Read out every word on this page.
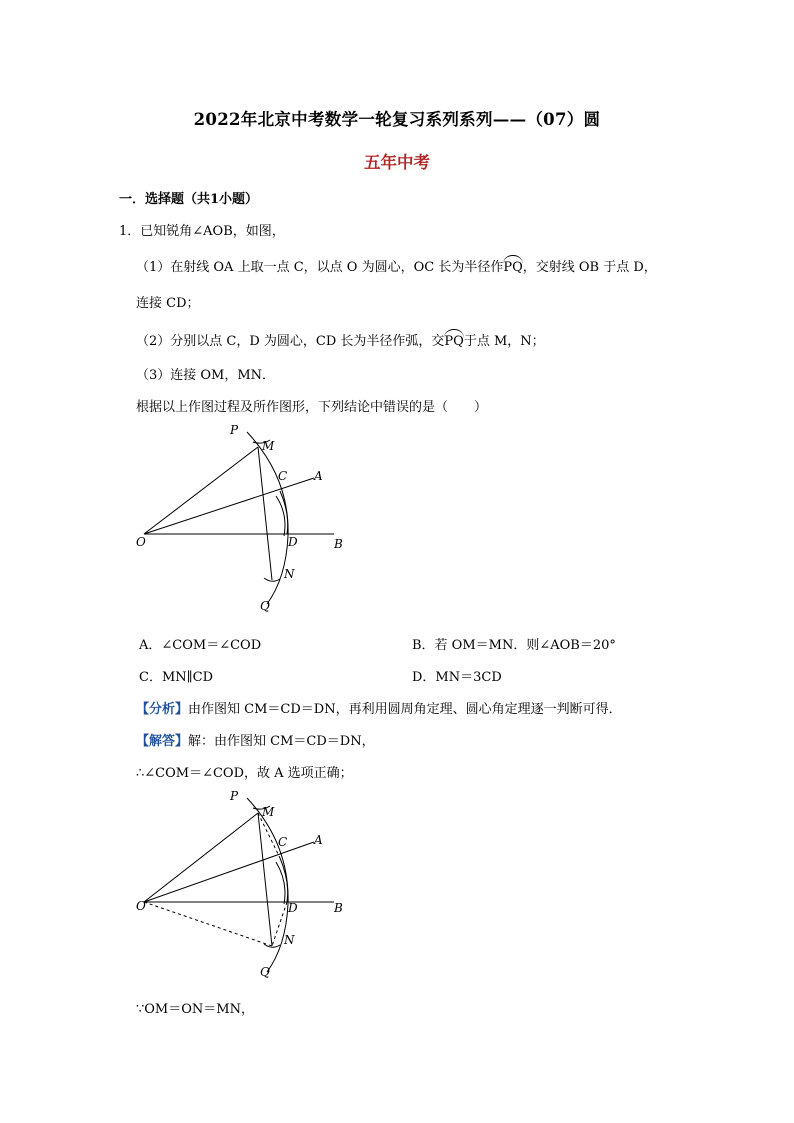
2022年北京中考数学一轮复习系列系列——（07）圆
五年中考
一．选择题（共1小题）
1．已知锐角∠AOB，如图，
（1）在射线 OA 上取一点 C，以点 O 为圆心，OC 长为半径作PQ，交射线 OB 于点 D，
连接 CD；
（2）分别以点 C，D 为圆心，CD 长为半径作弧，交PQ于点 M，N；
（3）连接 OM，MN．
根据以上作图过程及所作图形，下列结论中错误的是（　　）
P
M
C A
O	D	B
N
Q
A．∠COM＝∠COD	B．若 OM＝MN．则∠AOB＝20°
C．MN∥CD	D．MN＝3CD
【分析】由作图知 CM＝CD＝DN，再利用圆周角定理、圆心角定理逐一判断可得．
【解答】解：由作图知 CM＝CD＝DN，
∴∠COM＝∠COD，故 A 选项正确；
P
M
C A
O	D	B
N
Q
∵OM＝ON＝MN，
